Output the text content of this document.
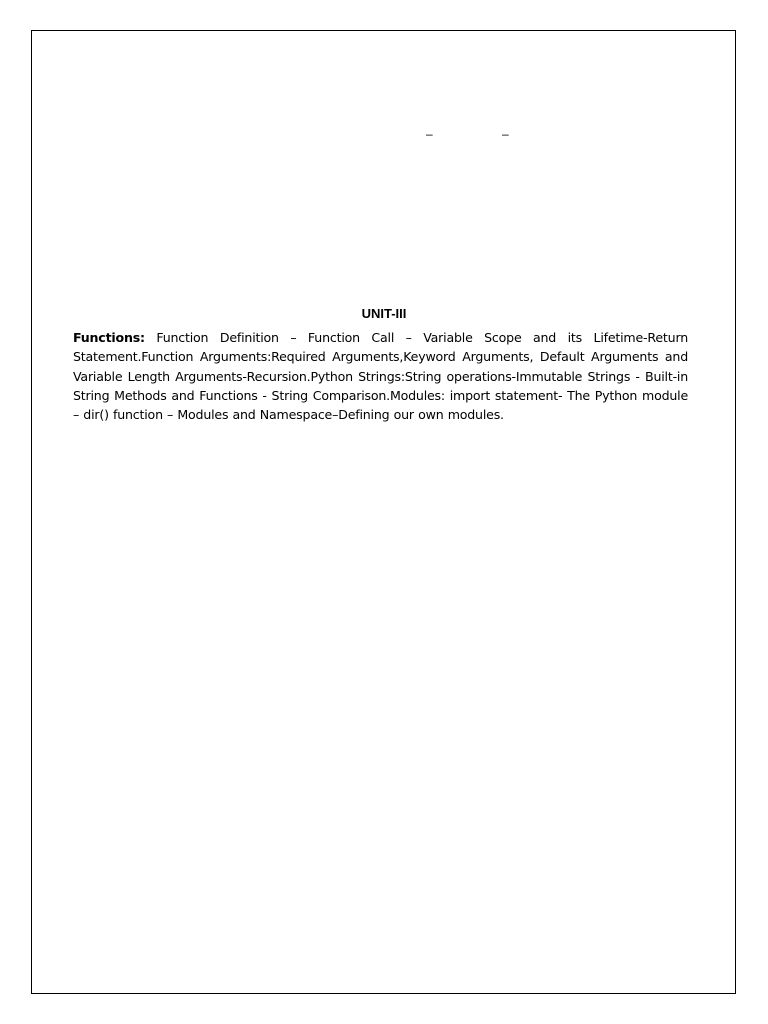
–	–
UNIT-III
Functions: Function Definition – Function Call – Variable Scope and its Lifetime-Return Statement.Function Arguments:Required Arguments,Keyword Arguments, Default Arguments and Variable Length Arguments-Recursion.Python Strings:String operations-Immutable Strings - Built-in String Methods and Functions - String Comparison.Modules: import statement- The Python module – dir() function – Modules and Namespace–Defining our own modules.
